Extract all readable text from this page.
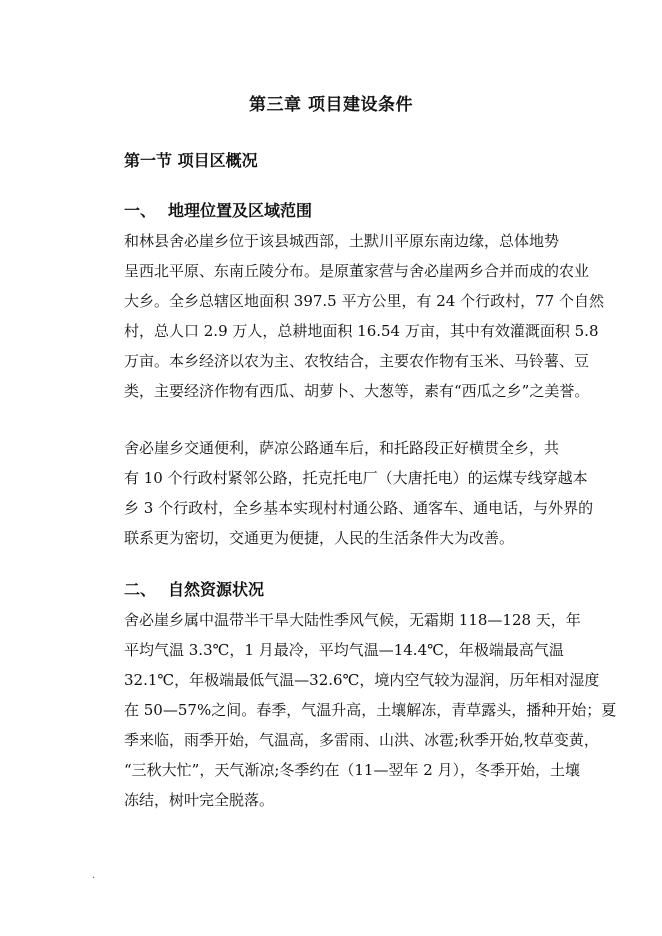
第三章 项目建设条件
第一节 项目区概况
一、 地理位置及区域范围
和林县舍必崖乡位于该县城西部，土默川平原东南边缘，总体地势
呈西北平原、东南丘陵分布。是原董家营与舍必崖两乡合并而成的农业
大乡。全乡总辖区地面积 397.5 平方公里，有 24 个行政村，77 个自然
村，总人口 2.9 万人，总耕地面积 16.54 万亩，其中有效灌溉面积 5.8
万亩。本乡经济以农为主、农牧结合，主要农作物有玉米、马铃薯、豆
类，主要经济作物有西瓜、胡萝卜、大葱等，素有“西瓜之乡”之美誉。
舍必崖乡交通便利，萨凉公路通车后，和托路段正好横贯全乡，共
有 10 个行政村紧邻公路，托克托电厂（大唐托电）的运煤专线穿越本
乡 3 个行政村，全乡基本实现村村通公路、通客车、通电话，与外界的
联系更为密切，交通更为便捷，人民的生活条件大为改善。
二、 自然资源状况
舍必崖乡属中温带半干旱大陆性季风气候，无霜期 118—128 天，年
平均气温 3.3℃，1 月最冷，平均气温—14.4℃，年极端最高气温
32.1℃，年极端最低气温—32.6℃，境内空气较为湿润，历年相对湿度
在 50—57%之间。春季，气温升高，土壤解冻，青草露头，播种开始；夏
季来临，雨季开始，气温高，多雷雨、山洪、冰雹;秋季开始,牧草变黄，
“三秋大忙”，天气渐凉;冬季约在（11—翌年 2 月），冬季开始，土壤
冻结，树叶完全脱落。
.
